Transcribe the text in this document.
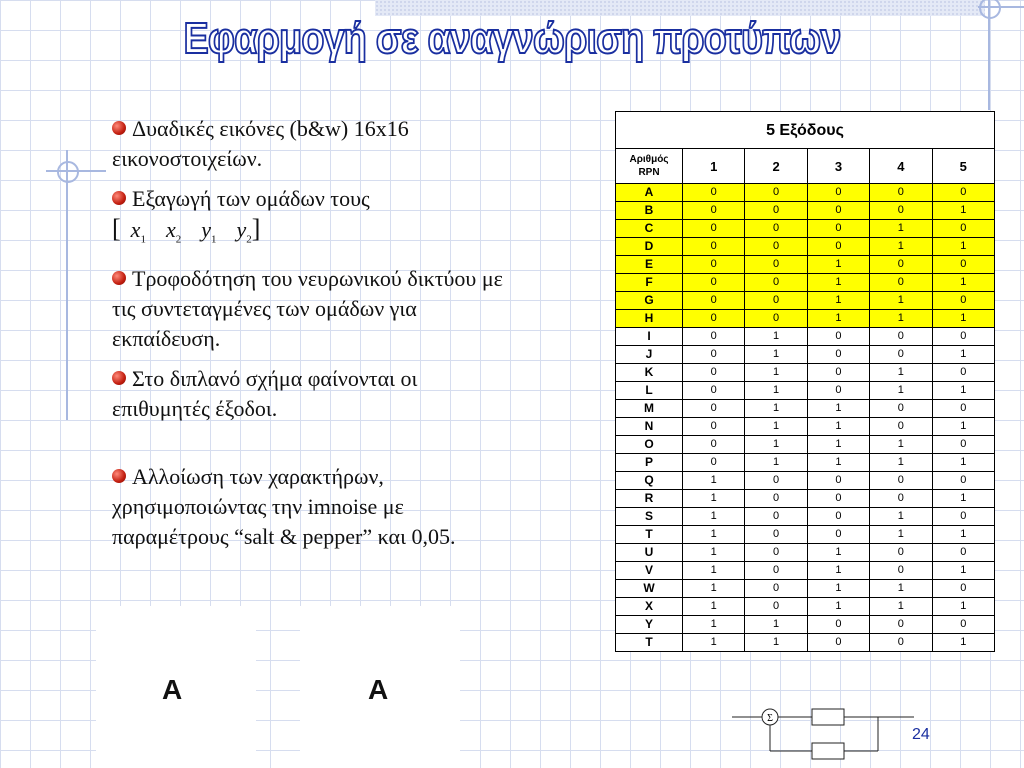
Εφαρμογή σε αναγνώριση προτύπων
Δυαδικές εικόνες (b&w) 16x16 εικονοστοιχείων.
Εξαγωγή των ομάδων τους [ $x_1$ $x_2$ $y_1$ $y_2$]
Τροφοδότηση του νευρωνικού δικτύου με τις συντεταγμένες των ομάδων για εκπαίδευση.
Στο διπλανό σχήμα φαίνονται οι επιθυμητές έξοδοι.
Αλλοίωση των χαρακτήρων, χρησιμοποιώντας την imnoise με παραμέτρους “salt & pepper” και 0,05.
A	A
5 Εξόδους					
Αριθμός
RPN	1	2	3	4	5
A	0	0	0	0	0
B	0	0	0	0	1
C	0	0	0	1	0
D	0	0	0	1	1
E	0	0	1	0	0
F	0	0	1	0	1
G	0	0	1	1	0
H	0	0	1	1	1
I	0	1	0	0	0
J	0	1	0	0	1
K	0	1	0	1	0
L	0	1	0	1	1
M	0	1	1	0	0
N	0	1	1	0	1
O	0	1	1	1	0
P	0	1	1	1	1
Q	1	0	0	0	0
R	1	0	0	0	1
S	1	0	0	1	0
T	1	0	0	1	1
U	1	0	1	0	0
V	1	0	1	0	1
W	1	0	1	1	0
X	1	0	1	1	1
Y	1	1	0	0	0
T	1	1	0	0	1
Σ
24
